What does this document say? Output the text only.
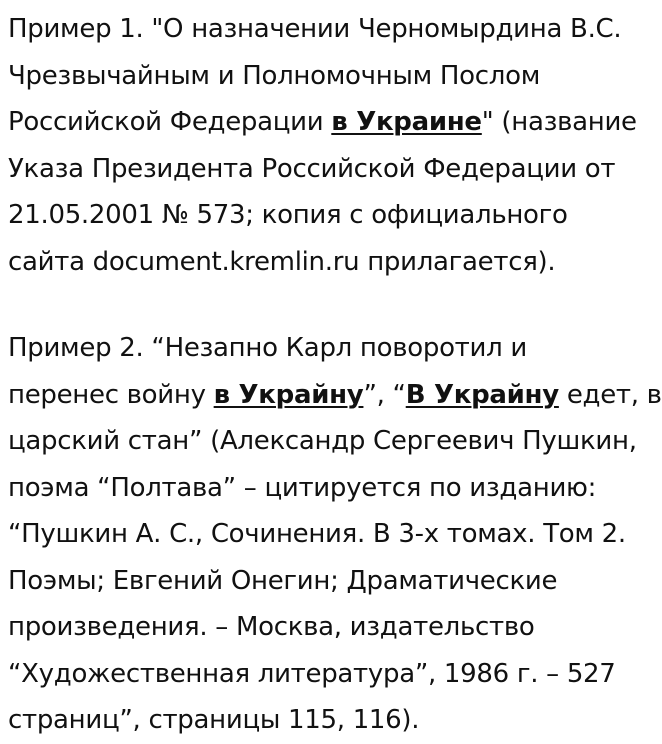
Пример 1. "О назначении Черномырдина В.С.
Чрезвычайным и Полномочным Послом
Российской Федерации в Украине" (название
Указа Президента Российской Федерации от
21.05.2001 № 573; копия с официального
сайта document.kremlin.ru прилагается).

Пример 2. “Незапно Карл поворотил и
перенес войну в Украйну”, “В Украйну едет, в
царский стан” (Александр Сергеевич Пушкин,
поэма “Полтава” – цитируется по изданию:
“Пушкин А. С., Сочинения. В 3-х томах. Том 2.
Поэмы; Евгений Онегин; Драматические
произведения. – Москва, издательство
“Художественная литература”, 1986 г. – 527
страниц”, страницы 115, 116).
